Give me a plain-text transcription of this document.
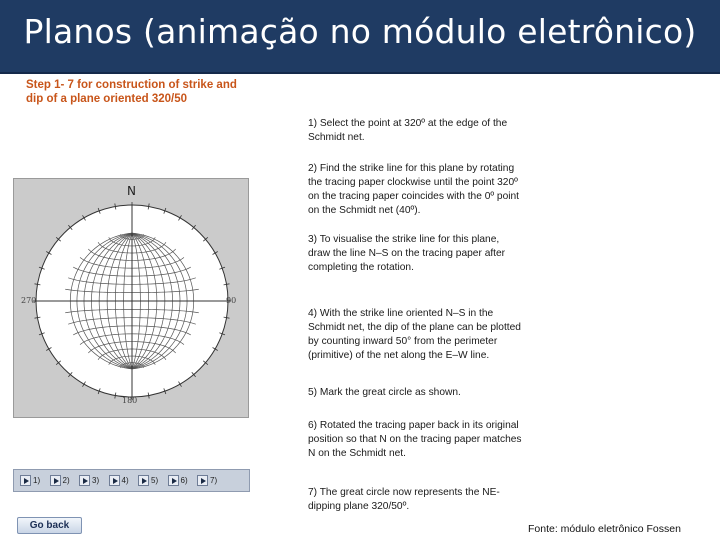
Planos (animação no módulo eletrônico)
Step 1- 7 for construction of strike and
dip of a plane oriented 320/50
N
270	90
180
1)	2)	3)	4)	5)	6)	7)
Go back
1) Select the point at 320º at the edge of the
Schmidt net.
2) Find the strike line for this plane by rotating
the tracing paper clockwise until the point 320º
on the tracing paper coincides with the 0º point
on the Schmidt net (40º).
3) To visualise the strike line for this plane,
draw the line N–S on the tracing paper after
completing the rotation.
4) With the strike line oriented N–S in the
Schmidt net, the dip of the plane can be plotted
by counting inward 50° from the perimeter
(primitive) of the net along the E–W line.
5) Mark the great circle as shown.
6) Rotated the tracing paper back in its original
position so that N on the tracing paper matches
N on the Schmidt net.
7) The great circle now represents the NE-
dipping plane 320/50º.
Fonte: módulo eletrônico Fossen
